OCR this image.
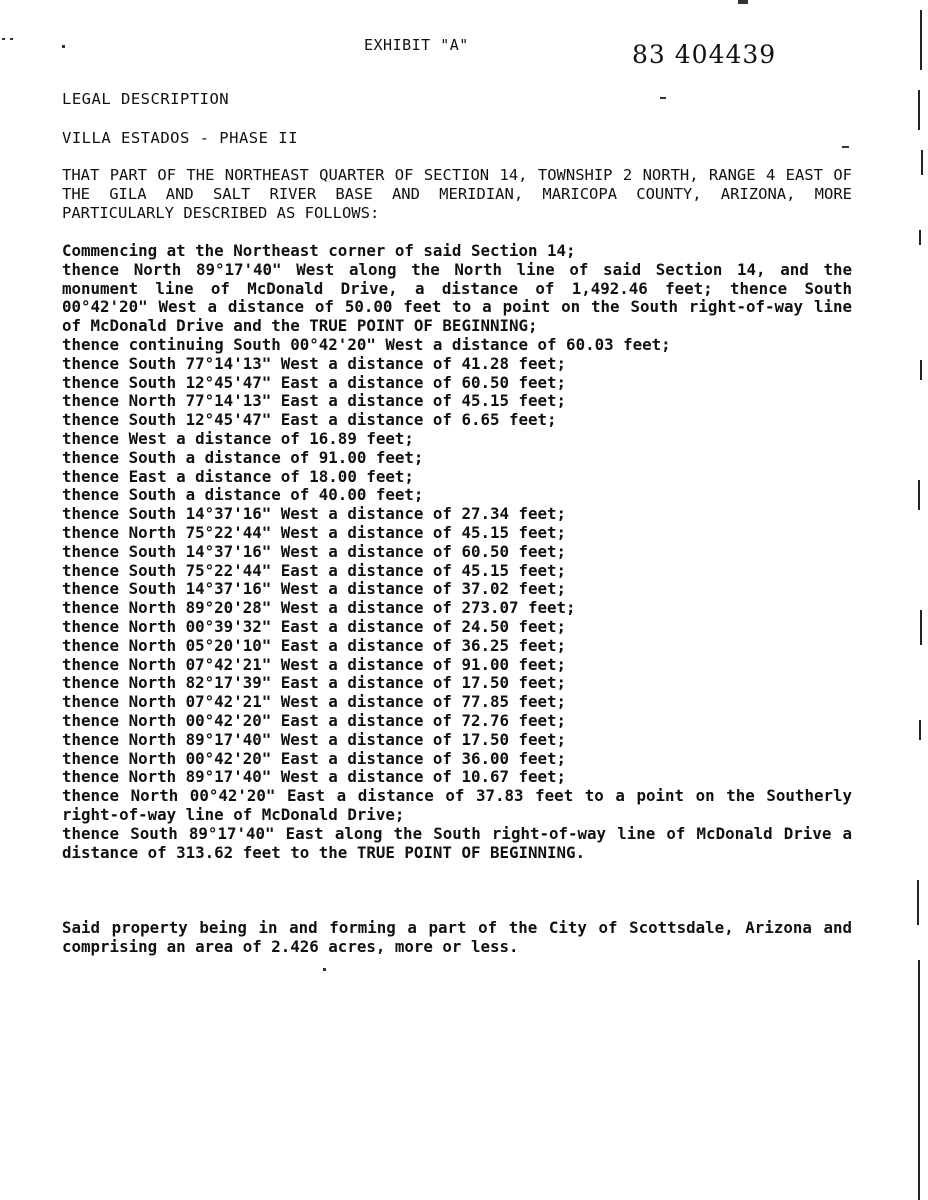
EXHIBIT "A"	83 404439
LEGAL DESCRIPTION
VILLA ESTADOS - PHASE II

THAT PART OF THE NORTHEAST QUARTER OF SECTION 14, TOWNSHIP 2 NORTH, RANGE 4 EAST OF THE GILA AND SALT RIVER BASE AND MERIDIAN, MARICOPA COUNTY, ARIZONA, MORE PARTICULARLY DESCRIBED AS FOLLOWS:

Commencing at the Northeast corner of said Section 14;
thence North 89°17'40" West along the North line of said Section 14, and the monument line of McDonald Drive, a distance of 1,492.46 feet; thence South 00°42'20" West a distance of 50.00 feet to a point on the South right-of-way line of McDonald Drive and the TRUE POINT OF BEGINNING;
thence continuing South 00°42'20" West a distance of 60.03 feet;
thence South 77°14'13" West a distance of 41.28 feet;
thence South 12°45'47" East a distance of 60.50 feet;
thence North 77°14'13" East a distance of 45.15 feet;
thence South 12°45'47" East a distance of 6.65 feet;
thence West a distance of 16.89 feet;
thence South a distance of 91.00 feet;
thence East a distance of 18.00 feet;
thence South a distance of 40.00 feet;
thence South 14°37'16" West a distance of 27.34 feet;
thence North 75°22'44" West a distance of 45.15 feet;
thence South 14°37'16" West a distance of 60.50 feet;
thence South 75°22'44" East a distance of 45.15 feet;
thence South 14°37'16" West a distance of 37.02 feet;
thence North 89°20'28" West a distance of 273.07 feet;
thence North 00°39'32" East a distance of 24.50 feet;
thence North 05°20'10" East a distance of 36.25 feet;
thence North 07°42'21" West a distance of 91.00 feet;
thence North 82°17'39" East a distance of 17.50 feet;
thence North 07°42'21" West a distance of 77.85 feet;
thence North 00°42'20" East a distance of 72.76 feet;
thence North 89°17'40" West a distance of 17.50 feet;
thence North 00°42'20" East a distance of 36.00 feet;
thence North 89°17'40" West a distance of 10.67 feet;
thence North 00°42'20" East a distance of 37.83 feet to a point on the Southerly right-of-way line of McDonald Drive;
thence South 89°17'40" East along the South right-of-way line of McDonald Drive a distance of 313.62 feet to the TRUE POINT OF BEGINNING.

Said property being in and forming a part of the City of Scottsdale, Arizona and comprising an area of 2.426 acres, more or less.
